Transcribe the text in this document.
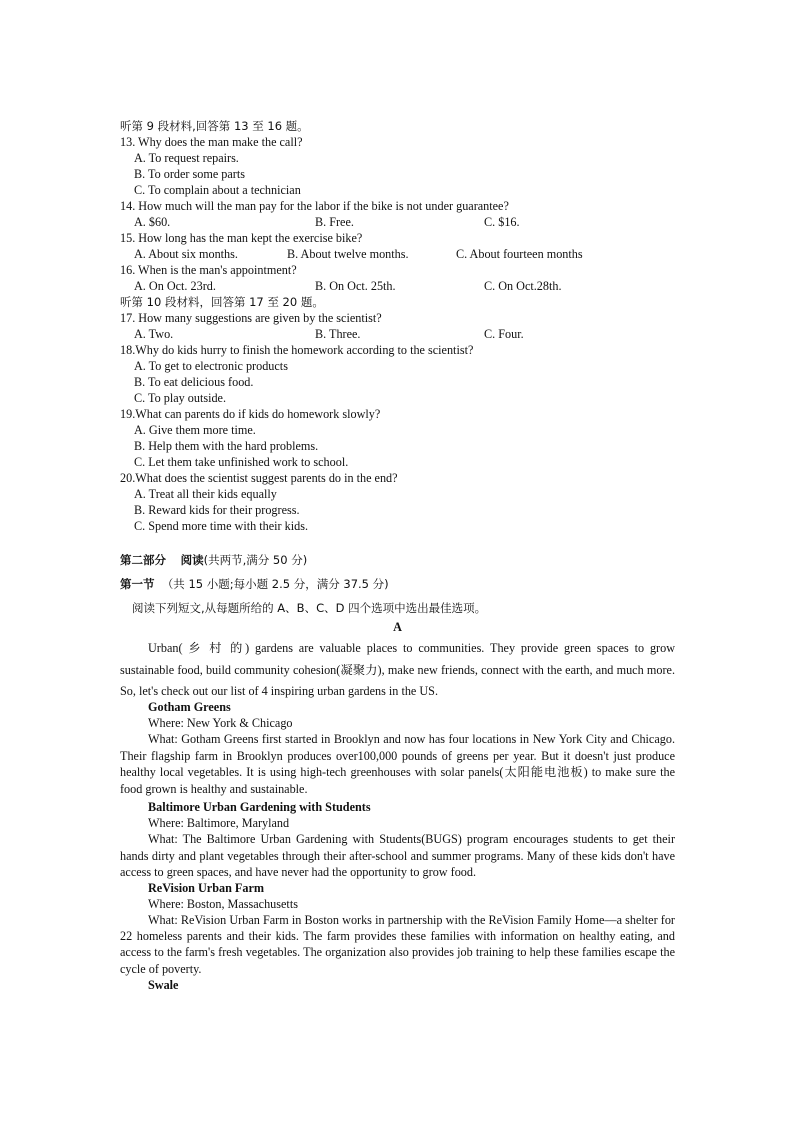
听第 9 段材料,回答第 13 至 16 题。
13. Why does the man make the call?
A. To request repairs.
B. To order some parts
C. To complain about a technician
14. How much will the man pay for the labor if the bike is not under guarantee?
A. $60.	B. Free.	C. $16.
15. How long has the man kept the exercise bike?
A. About six months.	B. About twelve months.	C. About fourteen months
16. When is the man's appointment?
A. On Oct. 23rd.	B. On Oct. 25th.	C. On Oct.28th.
听第 10 段材料，回答第 17 至 20 题。
17. How many suggestions are given by the scientist?
A. Two.	B. Three.	C. Four.
18.Why do kids hurry to finish the homework according to the scientist?
A. To get to electronic products
B. To eat delicious food.
C. To play outside.
19.What can parents do if kids do homework slowly?
A. Give them more time.
B. Help them with the hard problems.
C. Let them take unfinished work to school.
20.What does the scientist suggest parents do in the end?
A. Treat all their kids equally
B. Reward kids for their progress.
C. Spend more time with their kids.
第二部分 阅读(共两节,满分 50 分)
第一节 （共 15 小题;每小题 2.5 分，满分 37.5 分)
阅读下列短文,从每题所给的 A、B、C、D 四个选项中选出最佳选项。
A
Urban( 乡 村 的) gardens are valuable places to communities. They provide green spaces to grow sustainable food, build community cohesion(凝聚力), make new friends, connect with the earth, and much more. So, let's check out our list of 4 inspiring urban gardens in the US.
Gotham Greens
Where: New York & Chicago
What: Gotham Greens first started in Brooklyn and now has four locations in New York City and Chicago. Their flagship farm in Brooklyn produces over100,000 pounds of greens per year. But it doesn't just produce healthy local vegetables. It is using high-tech greenhouses with solar panels(太阳能电池板) to make sure the food grown is healthy and sustainable.
Baltimore Urban Gardening with Students
Where: Baltimore, Maryland
What: The Baltimore Urban Gardening with Students(BUGS) program encourages students to get their hands dirty and plant vegetables through their after-school and summer programs. Many of these kids don't have access to green spaces, and have never had the opportunity to grow food.
ReVision Urban Farm
Where: Boston, Massachusetts
What: ReVision Urban Farm in Boston works in partnership with the ReVision Family Home—a shelter for 22 homeless parents and their kids. The farm provides these families with information on healthy eating, and access to the farm's fresh vegetables. The organization also provides job training to help these families escape the cycle of poverty.
Swale
